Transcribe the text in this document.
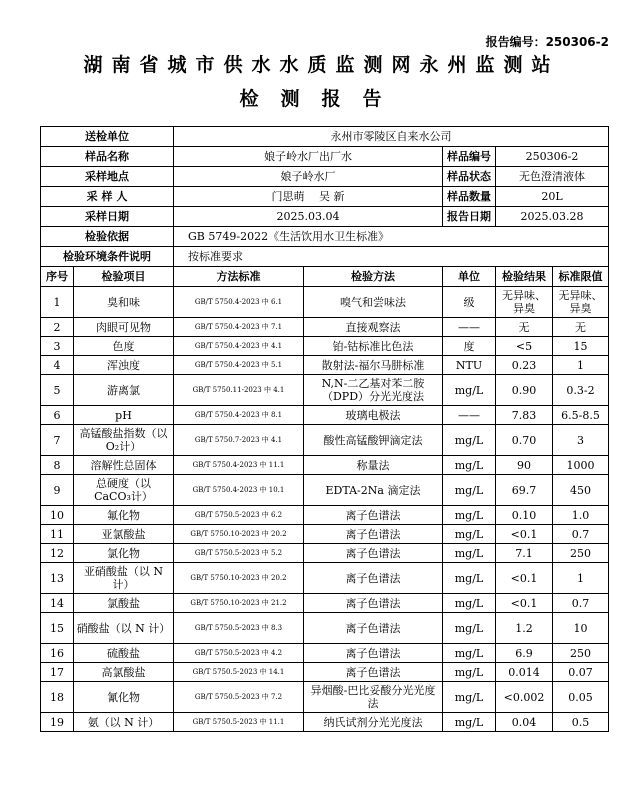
报告编号：250306-2
湖南省城市供水水质监测网永州监测站
检测报告
送检单位		永州市零陵区自来水公司				
样品名称		娘子岭水厂出厂水		样品编号	250306-2	
采样地点		娘子岭水厂		样品状态	无色澄清液体	
采 样 人		门思萌　 吴 新		样品数量	20L	
采样日期		2025.03.04		报告日期	2025.03.28	
检验依据		GB 5749-2022《生活饮用水卫生标准》				
检验环境条件说明		按标准要求				
序号	检验项目	方法标准	检验方法	单位	检验结果	标准限值
1	臭和味	GB/T 5750.4-2023 中 6.1	嗅气和尝味法	级	无异味、异臭	无异味、异臭
2	肉眼可见物	GB/T 5750.4-2023 中 7.1	直接观察法	——	无	无
3	色度	GB/T 5750.4-2023 中 4.1	铂-钴标准比色法	度	<5	15
4	浑浊度	GB/T 5750.4-2023 中 5.1	散射法-福尔马肼标准	NTU	0.23	1
5	游离氯	GB/T 5750.11-2023 中 4.1	N,N-二乙基对苯二胺（DPD）分光光度法	mg/L	0.90	0.3-2
6	pH	GB/T 5750.4-2023 中 8.1	玻璃电极法	——	7.83	6.5-8.5
7	高锰酸盐指数（以 O₂计）	GB/T 5750.7-2023 中 4.1	酸性高锰酸钾滴定法	mg/L	0.70	3
8	溶解性总固体	GB/T 5750.4-2023 中 11.1	称量法	mg/L	90	1000
9	总硬度（以 CaCO₃计）	GB/T 5750.4-2023 中 10.1	EDTA-2Na 滴定法	mg/L	69.7	450
10	氟化物	GB/T 5750.5-2023 中 6.2	离子色谱法	mg/L	0.10	1.0
11	亚氯酸盐	GB/T 5750.10-2023 中 20.2	离子色谱法	mg/L	<0.1	0.7
12	氯化物	GB/T 5750.5-2023 中 5.2	离子色谱法	mg/L	7.1	250
13	亚硝酸盐（以 N 计）	GB/T 5750.10-2023 中 20.2	离子色谱法	mg/L	<0.1	1
14	氯酸盐	GB/T 5750.10-2023 中 21.2	离子色谱法	mg/L	<0.1	0.7
15	硝酸盐（以 N 计）	GB/T 5750.5-2023 中 8.3	离子色谱法	mg/L	1.2	10
16	硫酸盐	GB/T 5750.5-2023 中 4.2	离子色谱法	mg/L	6.9	250
17	高氯酸盐	GB/T 5750.5-2023 中 14.1	离子色谱法	mg/L	0.014	0.07
18	氰化物	GB/T 5750.5-2023 中 7.2	异烟酸-巴比妥酸分光光度法	mg/L	<0.002	0.05
19	氨（以 N 计）	GB/T 5750.5-2023 中 11.1	纳氏试剂分光光度法	mg/L	0.04	0.5
